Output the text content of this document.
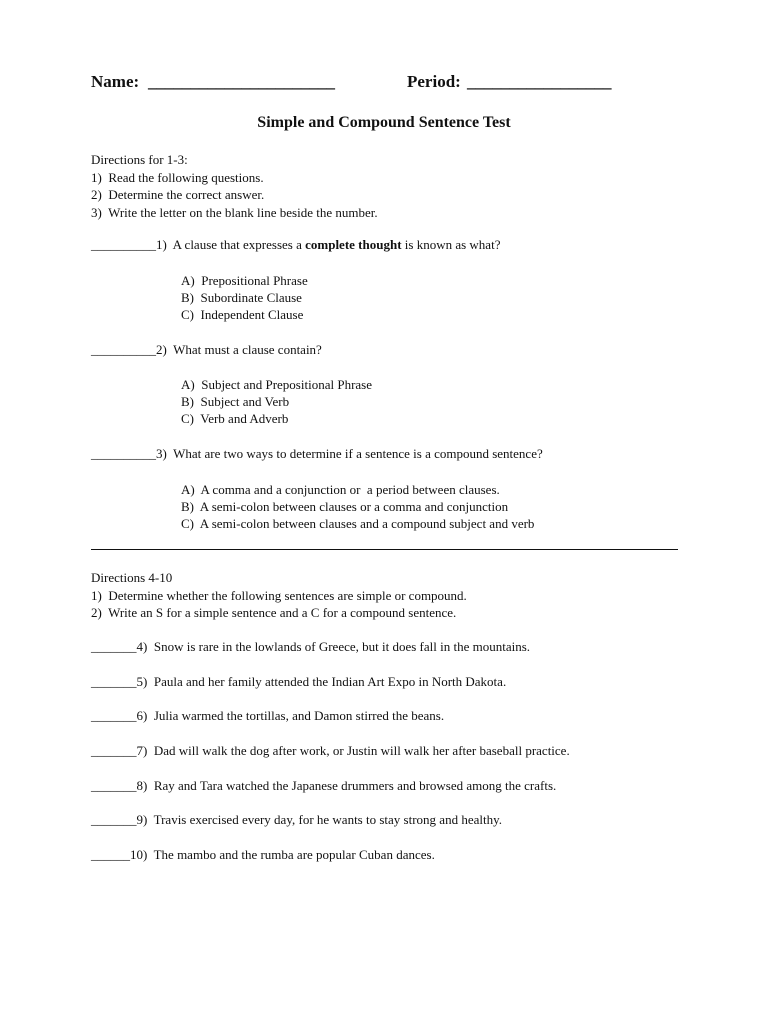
Name: ______________________	Period: _________________
Simple and Compound Sentence Test
Directions for 1-3:
1)  Read the following questions.
2)  Determine the correct answer.
3)  Write the letter on the blank line beside the number.
__________1)  A clause that expresses a complete thought is known as what?
A)  Prepositional Phrase
B)  Subordinate Clause
C)  Independent Clause
__________2)  What must a clause contain?
A)  Subject and Prepositional Phrase
B)  Subject and Verb
C)  Verb and Adverb
__________3)  What are two ways to determine if a sentence is a compound sentence?
A)  A comma and a conjunction or  a period between clauses.
B)  A semi-colon between clauses or a comma and conjunction
C)  A semi-colon between clauses and a compound subject and verb
Directions 4-10
1)  Determine whether the following sentences are simple or compound.
2)  Write an S for a simple sentence and a C for a compound sentence.
_______4)  Snow is rare in the lowlands of Greece, but it does fall in the mountains.
_______5)  Paula and her family attended the Indian Art Expo in North Dakota.
_______6)  Julia warmed the tortillas, and Damon stirred the beans.
_______7)  Dad will walk the dog after work, or Justin will walk her after baseball practice.
_______8)  Ray and Tara watched the Japanese drummers and browsed among the crafts.
_______9)  Travis exercised every day, for he wants to stay strong and healthy.
______10)  The mambo and the rumba are popular Cuban dances.
